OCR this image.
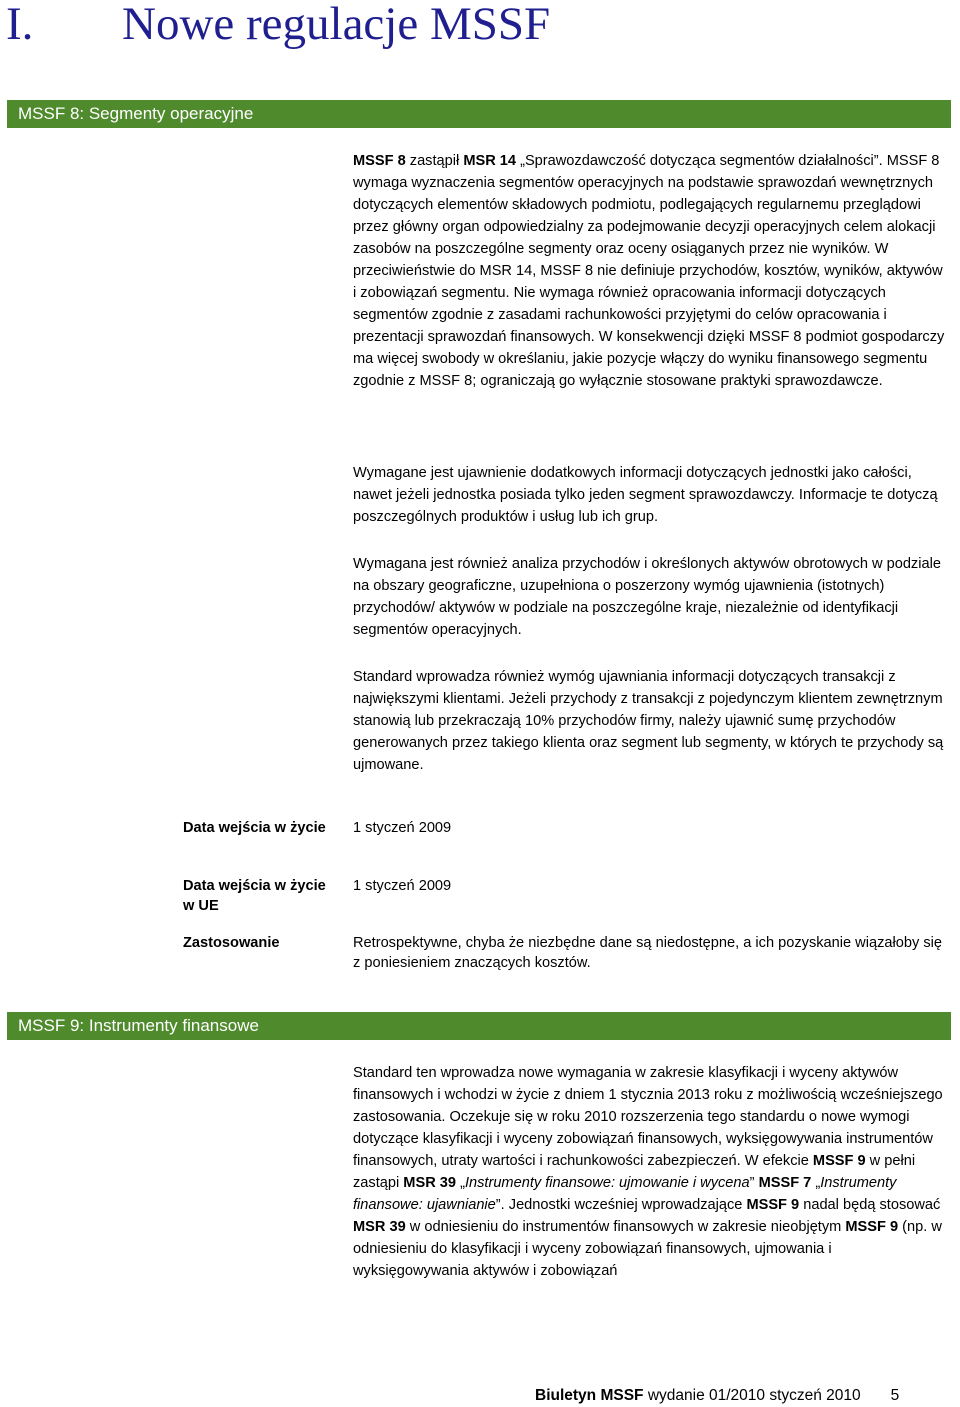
I. Nowe regulacje MSSF
MSSF 8: Segmenty operacyjne
MSSF 8 zastąpił MSR 14 „Sprawozdawczość dotycząca segmentów działalności”. MSSF 8 wymaga wyznaczenia segmentów operacyjnych na podstawie sprawozdań wewnętrznych dotyczących elementów składowych podmiotu, podlegających regularnemu przeglądowi przez główny organ odpowiedzialny za podejmowanie decyzji operacyjnych celem alokacji zasobów na poszczególne segmenty oraz oceny osiąganych przez nie wyników. W przeciwieństwie do MSR 14, MSSF 8 nie definiuje przychodów, kosztów, wyników, aktywów i zobowiązań segmentu. Nie wymaga również opracowania informacji dotyczących segmentów zgodnie z zasadami rachunkowości przyjętymi do celów opracowania i prezentacji sprawozdań finansowych. W konsekwencji dzięki MSSF 8 podmiot gospodarczy ma więcej swobody w określaniu, jakie pozycje włączy do wyniku finansowego segmentu zgodnie z MSSF 8; ograniczają go wyłącznie stosowane praktyki sprawozdawcze.
Wymagane jest ujawnienie dodatkowych informacji dotyczących jednostki jako całości, nawet jeżeli jednostka posiada tylko jeden segment sprawozdawczy. Informacje te dotyczą poszczególnych produktów i usług lub ich grup.
Wymagana jest również analiza przychodów i określonych aktywów obrotowych w podziale na obszary geograficzne, uzupełniona o poszerzony wymóg ujawnienia (istotnych) przychodów/ aktywów w podziale na poszczególne kraje, niezależnie od identyfikacji segmentów operacyjnych.
Standard wprowadza również wymóg ujawniania informacji dotyczących transakcji z największymi klientami. Jeżeli przychody z transakcji z pojedynczym klientem zewnętrznym stanowią lub przekraczają 10% przychodów firmy, należy ujawnić sumę przychodów generowanych przez takiego klienta oraz segment lub segmenty, w których te przychody są ujmowane.
Data wejścia w życie	1 styczeń 2009
Data wejścia w życie w UE
1 styczeń 2009
Zastosowanie	Retrospektywne, chyba że niezbędne dane są niedostępne, a ich pozyskanie wiązałoby się z poniesieniem znaczących kosztów.
MSSF 9: Instrumenty finansowe
Standard ten wprowadza nowe wymagania w zakresie klasyfikacji i wyceny aktywów finansowych i wchodzi w życie z dniem 1 stycznia 2013 roku z możliwością wcześniejszego zastosowania. Oczekuje się w roku 2010 rozszerzenia tego standardu o nowe wymogi dotyczące klasyfikacji i wyceny zobowiązań finansowych, wyksięgowywania instrumentów finansowych, utraty wartości i rachunkowości zabezpieczeń. W efekcie MSSF 9 w pełni zastąpi MSR 39 „Instrumenty finansowe: ujmowanie i wycena” MSSF 7 „Instrumenty finansowe: ujawnianie”. Jednostki wcześniej wprowadzające MSSF 9 nadal będą stosować MSR 39 w odniesieniu do instrumentów finansowych w zakresie nieobjętym MSSF 9 (np. w odniesieniu do klasyfikacji i wyceny zobowiązań finansowych, ujmowania i wyksięgowywania aktywów i zobowiązań
Biuletyn MSSF wydanie 01/2010 styczeń 2010 5
